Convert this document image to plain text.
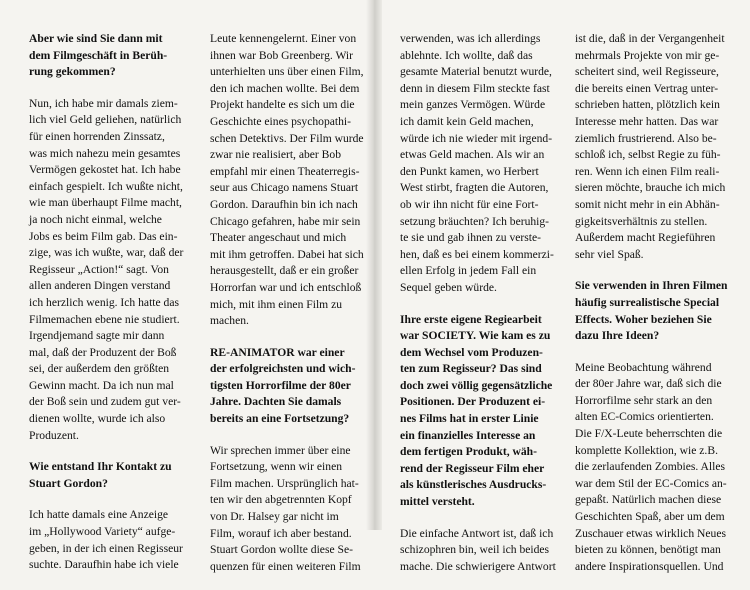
Aber wie sind Sie dann mit
dem Filmgeschäft in Berüh-
rung gekommen?

Nun, ich habe mir damals ziem-
lich viel Geld geliehen, natürlich
für einen horrenden Zinssatz,
was mich nahezu mein gesamtes
Vermögen gekostet hat. Ich habe
einfach gespielt. Ich wußte nicht,
wie man überhaupt Filme macht,
ja noch nicht einmal, welche
Jobs es beim Film gab. Das ein-
zige, was ich wußte, war, daß der
Regisseur „Action!“ sagt. Von
allen anderen Dingen verstand
ich herzlich wenig. Ich hatte das
Filmemachen ebene nie studiert.
Irgendjemand sagte mir dann
mal, daß der Produzent der Boß
sei, der außerdem den größten
Gewinn macht. Da ich nun mal
der Boß sein und zudem gut ver-
dienen wollte, wurde ich also
Produzent.

Wie entstand Ihr Kontakt zu
Stuart Gordon?

Ich hatte damals eine Anzeige
im „Hollywood Variety“ aufge-
geben, in der ich einen Regisseur
suchte. Daraufhin habe ich viele

Leute kennengelernt. Einer von
ihnen war Bob Greenberg. Wir
unterhielten uns über einen Film,
den ich machen wollte. Bei dem
Projekt handelte es sich um die
Geschichte eines psychopathi-
schen Detektivs. Der Film wurde
zwar nie realisiert, aber Bob
empfahl mir einen Theaterregis-
seur aus Chicago namens Stuart
Gordon. Daraufhin bin ich nach
Chicago gefahren, habe mir sein
Theater angeschaut und mich
mit ihm getroffen. Dabei hat sich
herausgestellt, daß er ein großer
Horrorfan war und ich entschloß
mich, mit ihm einen Film zu
machen.

RE-ANIMATOR war einer
der erfolgreichsten und wich-
tigsten Horrorfilme der 80er
Jahre. Dachten Sie damals
bereits an eine Fortsetzung?

Wir sprechen immer über eine
Fortsetzung, wenn wir einen
Film machen. Ursprünglich hat-
ten wir den abgetrennten Kopf
von Dr. Halsey gar nicht im
Film, worauf ich aber bestand.
Stuart Gordon wollte diese Se-
quenzen für einen weiteren Film

verwenden, was ich allerdings
ablehnte. Ich wollte, daß das
gesamte Material benutzt wurde,
denn in diesem Film steckte fast
mein ganzes Vermögen. Würde
ich damit kein Geld machen,
würde ich nie wieder mit irgend-
etwas Geld machen. Als wir an
den Punkt kamen, wo Herbert
West stirbt, fragten die Autoren,
ob wir ihn nicht für eine Fort-
setzung bräuchten? Ich beruhig-
te sie und gab ihnen zu verste-
hen, daß es bei einem kommerzi-
ellen Erfolg in jedem Fall ein
Sequel geben würde.

Ihre erste eigene Regiearbeit
war SOCIETY. Wie kam es zu
dem Wechsel vom Produzen-
ten zum Regisseur? Das sind
doch zwei völlig gegensätzliche
Positionen. Der Produzent ei-
nes Films hat in erster Linie
ein finanzielles Interesse an
dem fertigen Produkt, wäh-
rend der Regisseur Film eher
als künstlerisches Ausdrucks-
mittel versteht.

Die einfache Antwort ist, daß ich
schizophren bin, weil ich beides
mache. Die schwierigere Antwort

ist die, daß in der Vergangenheit
mehrmals Projekte von mir ge-
scheitert sind, weil Regisseure,
die bereits einen Vertrag unter-
schrieben hatten, plötzlich kein
Interesse mehr hatten. Das war
ziemlich frustrierend. Also be-
schloß ich, selbst Regie zu füh-
ren. Wenn ich einen Film reali-
sieren möchte, brauche ich mich
somit nicht mehr in ein Abhän-
gigkeitsverhältnis zu stellen.
Außerdem macht Regieführen
sehr viel Spaß.

Sie verwenden in Ihren Filmen
häufig surrealistische Special
Effects. Woher beziehen Sie
dazu Ihre Ideen?

Meine Beobachtung während
der 80er Jahre war, daß sich die
Horrorfilme sehr stark an den
alten EC-Comics orientierten.
Die F/X-Leute beherrschten die
komplette Kollektion, wie z.B.
die zerlaufenden Zombies. Alles
war dem Stil der EC-Comics an-
gepaßt. Natürlich machen diese
Geschichten Spaß, aber um dem
Zuschauer etwas wirklich Neues
bieten zu können, benötigt man
andere Inspirationsquellen. Und
